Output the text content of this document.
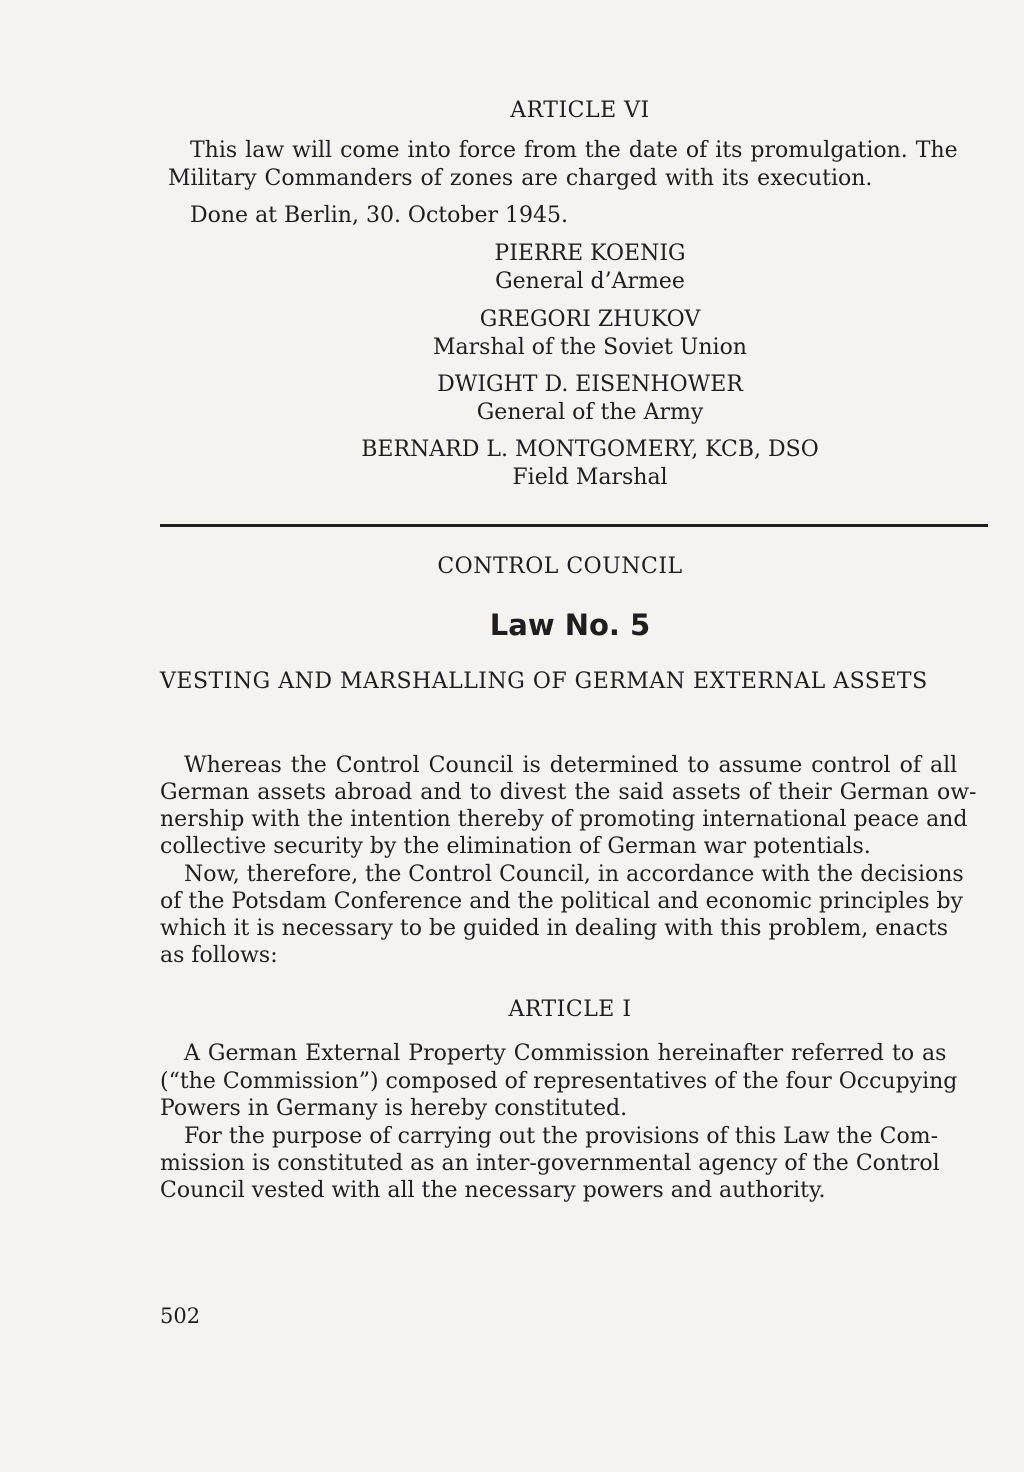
ARTICLE VI
This law will come into force from the date of its promulgation. The
Military Commanders of zones are charged with its execution.
Done at Berlin, 30. October 1945.
PIERRE KOENIG
General d’Armee
GREGORI ZHUKOV
Marshal of the Soviet Union
DWIGHT D. EISENHOWER
General of the Army
BERNARD L. MONTGOMERY, KCB, DSO
Field Marshal
CONTROL COUNCIL
Law No. 5
VESTING AND MARSHALLING OF GERMAN EXTERNAL ASSETS
Whereas the Control Council is determined to assume control of all
German assets abroad and to divest the said assets of their German ow-
nership with the intention thereby of promoting international peace and
collective security by the elimination of German war potentials.
Now, therefore, the Control Council, in accordance with the decisions
of the Potsdam Conference and the political and economic principles by
which it is necessary to be guided in dealing with this problem, enacts
as follows:
ARTICLE I
A German External Property Commission hereinafter referred to as
(“the Commission”) composed of representatives of the four Occupying
Powers in Germany is hereby constituted.
For the purpose of carrying out the provisions of this Law the Com-
mission is constituted as an inter-governmental agency of the Control
Council vested with all the necessary powers and authority.
502
